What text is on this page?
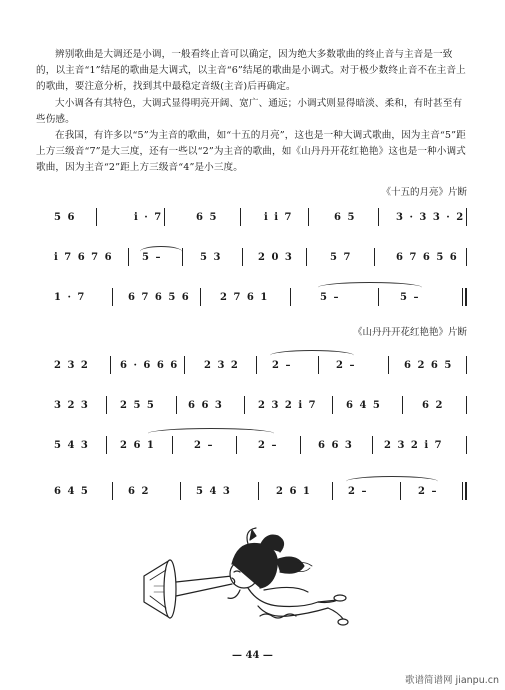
辨别歌曲是大调还是小调，一般看终止音可以确定，因为绝大多数歌曲的终止音与主音是一致的，以主音“1”结尾的歌曲是大调式，以主音“6”结尾的歌曲是小调式。对于极少数终止音不在主音上的歌曲，要注意分析，找到其中最稳定音级(主音)后再确定。

大小调各有其特色，大调式显得明亮开阔、宽广、通远；小调式则显得暗淡、柔和，有时甚至有些伤感。

在我国，有许多以“5”为主音的歌曲，如“十五的月亮”，这也是一种大调式歌曲，因为主音“5”距上方三级音“7”是大三度，还有一些以“2”为主音的歌曲，如《山丹丹开花红艳艳》这也是一种小调式歌曲，因为主音“2”距上方三级音“4”是小三度。

《十五的月亮》片断
5 6	i · 7	6 5	i i 7	6 5	3 · 3 3 · 2
i 7 6 7 6	5 –	5 3	2 0 3	5 7	6 7 6 5 6
1 · 7	6 7 6 5 6	2 7 6 1	5 –	5 –
《山丹丹开花红艳艳》片断
2 3 2	6 · 6 6 6	2 3 2	2 –	2 –	6 2 6 5
3 2 3	2 5 5	6 6 3	2 3 2 i 7	6 4 5	6 2
5 4 3	2 6 1	2 –	2 –	6 6 3	2 3 2 i 7
6 4 5	6 2	5 4 3	2 6 1	2 –	2 –
— 44 —
歌谱简谱网 jianpu.cn
